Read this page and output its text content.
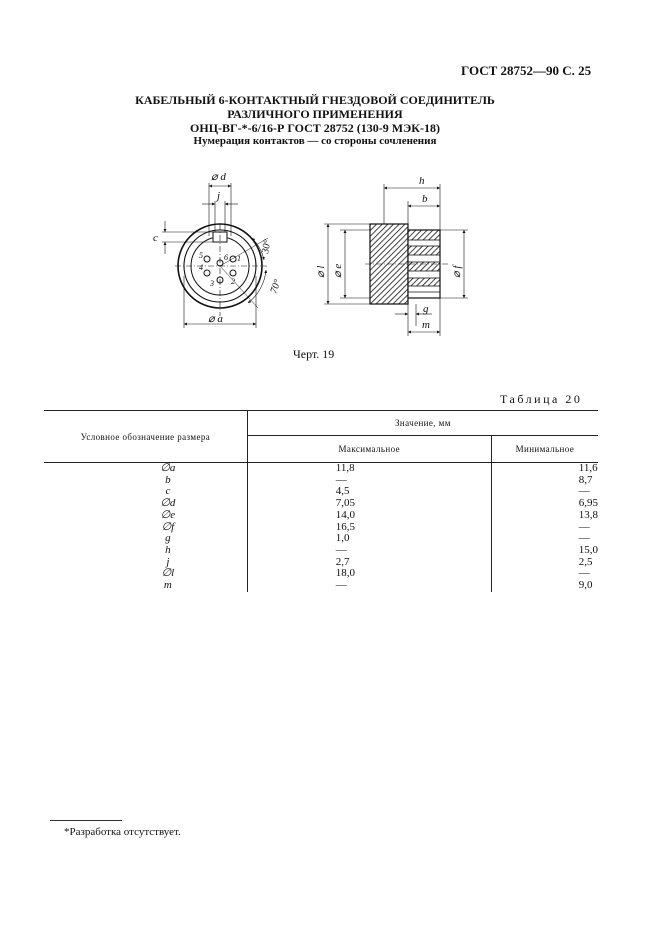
ГОСТ 28752—90 С. 25
КАБЕЛЬНЫЙ 6-КОНТАКТНЫЙ ГНЕЗДОВОЙ СОЕДИНИТЕЛЬ
РАЗЛИЧНОГО ПРИМЕНЕНИЯ
ОНЦ-ВГ-*-6/16-Р ГОСТ 28752 (130-9 МЭК-18)
Нумерация контактов — со стороны сочленения
⌀ d
j
c
⌀ a
70°
30°
1
2
3
4
5	6
h
b
⌀ l ⌀ e	⌀ f
g
m
Черт. 19
Таблица 20
Условное обозначение размера	Значение, мм	
	Максимальное	Минимальное
∅a	11,8	11,6
b	—	8,7
c	4,5	—
∅d	7,05	6,95
∅e	14,0	13,8
∅f	16,5	—
g	1,0	—
h	—	15,0
j	2,7	2,5
∅l	18,0	—
m	—	9,0
*Разработка отсутствует.
